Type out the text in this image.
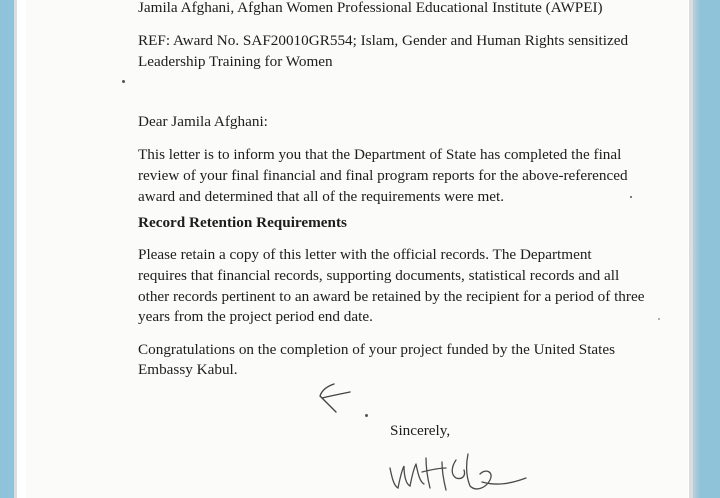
Jamila Afghani, Afghan Women Professional Educational Institute (AWPEI)
REF: Award No. SAF20010GR554; Islam, Gender and Human Rights sensitized
Leadership Training for Women
Dear Jamila Afghani:
This letter is to inform you that the Department of State has completed the final
review of your final financial and final program reports for the above-referenced
award and determined that all of the requirements were met.
Record Retention Requirements
Please retain a copy of this letter with the official records. The Department
requires that financial records, supporting documents, statistical records and all
other records pertinent to an award be retained by the recipient for a period of three
years from the project period end date.
Congratulations on the completion of your project funded by the United States
Embassy Kabul.
Sincerely,
